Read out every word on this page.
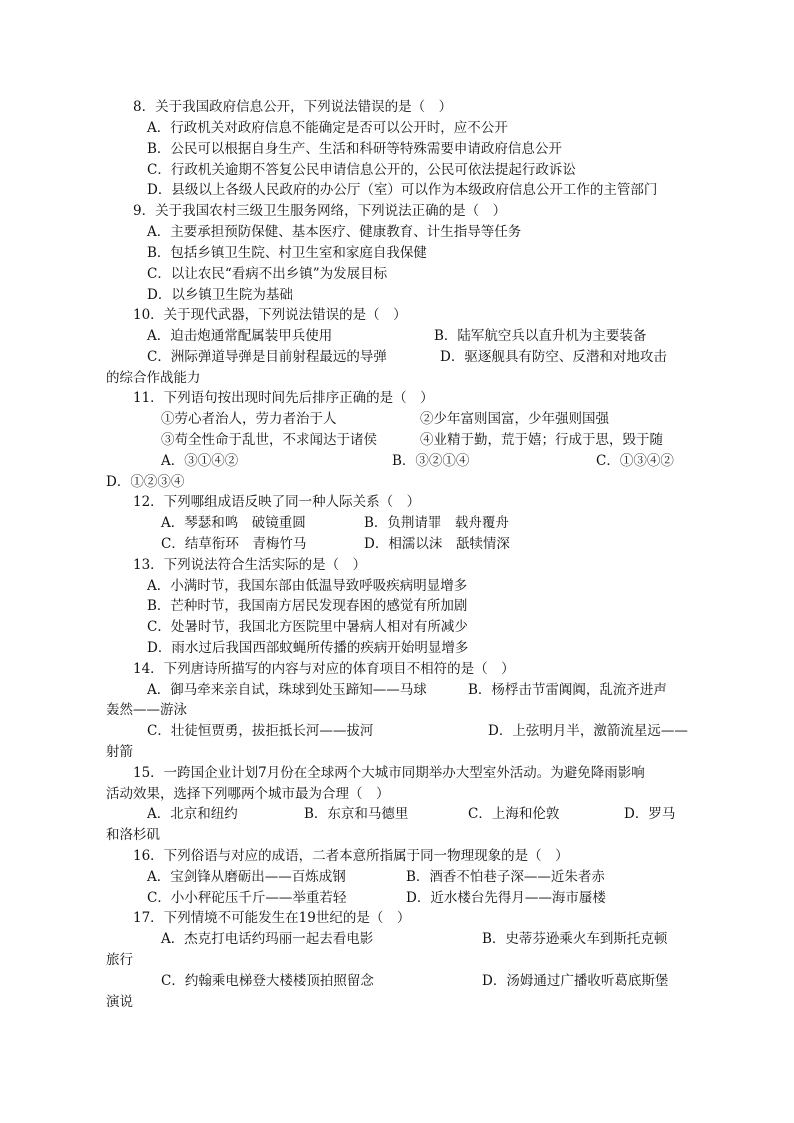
8．关于我国政府信息公开，下列说法错误的是（　）
A．行政机关对政府信息不能确定是否可以公开时，应不公开
B．公民可以根据自身生产、生活和科研等特殊需要申请政府信息公开
C．行政机关逾期不答复公民申请信息公开的，公民可依法提起行政诉讼
D．县级以上各级人民政府的办公厅（室）可以作为本级政府信息公开工作的主管部门
9．关于我国农村三级卫生服务网络，下列说法正确的是（　）
A．主要承担预防保健、基本医疗、健康教育、计生指导等任务
B．包括乡镇卫生院、村卫生室和家庭自我保健
C．以让农民“看病不出乡镇”为发展目标
D．以乡镇卫生院为基础
10．关于现代武器，下列说法错误的是（　）
A．迫击炮通常配属装甲兵使用	B．陆军航空兵以直升机为主要装备
C．洲际弹道导弹是目前射程最远的导弹	D．驱逐舰具有防空、反潜和对地攻击
的综合作战能力
11．下列语句按出现时间先后排序正确的是（　）
①劳心者治人，劳力者治于人	②少年富则国富，少年强则国强
③苟全性命于乱世，不求闻达于诸侯	④业精于勤，荒于嬉；行成于思，毁于随
A．③①④②	B．③②①④	C．①③④②
D．①②③④
12．下列哪组成语反映了同一种人际关系（　）
A．琴瑟和鸣　破镜重圆	B．负荆请罪　载舟覆舟
C．结草衔环　青梅竹马	D．相濡以沫　舐犊情深
13．下列说法符合生活实际的是（　）
A．小满时节，我国东部由低温导致呼吸疾病明显增多
B．芒种时节，我国南方居民发现春困的感觉有所加剧
C．处暑时节，我国北方医院里中暑病人相对有所减少
D．雨水过后我国西部蚊蝇所传播的疾病开始明显增多
14．下列唐诗所描写的内容与对应的体育项目不相符的是（　）
A．御马牵来亲自试，珠球到处玉蹄知——马球	B．杨桴击节雷阗阗，乱流齐进声
轰然——游泳
C．壮徒恒贾勇，拔拒抵长河——拔河	D．上弦明月半，激箭流星远——
射箭
15．一跨国企业计划7月份在全球两个大城市同期举办大型室外活动。为避免降雨影响
活动效果，选择下列哪两个城市最为合理（　）
A．北京和纽约	B．东京和马德里	C．上海和伦敦	D．罗马
和洛杉矶
16．下列俗语与对应的成语，二者本意所指属于同一物理现象的是（　）
A．宝剑锋从磨砺出——百炼成钢	B．酒香不怕巷子深——近朱者赤
C．小小秤砣压千斤——举重若轻	D．近水楼台先得月——海市蜃楼
17．下列情境不可能发生在19世纪的是（　）
A．杰克打电话约玛丽一起去看电影	B．史蒂芬逊乘火车到斯托克顿
旅行
C．约翰乘电梯登大楼楼顶拍照留念	D．汤姆通过广播收听葛底斯堡
演说
